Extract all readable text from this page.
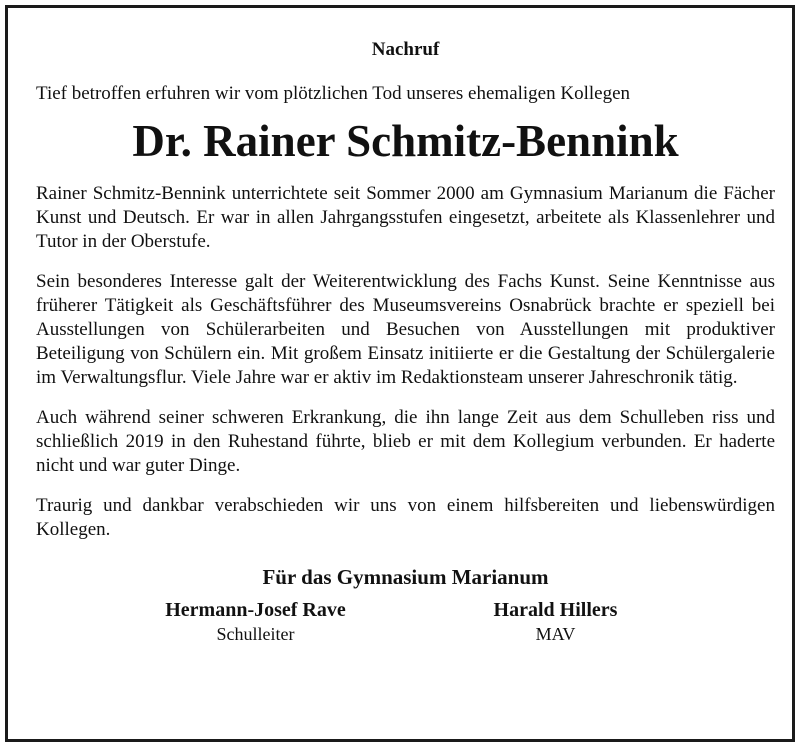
Nachruf

Tief betroffen erfuhren wir vom plötzlichen Tod unseres ehemaligen Kollegen

Dr. Rainer Schmitz-Bennink

Rainer Schmitz-Bennink unterrichtete seit Sommer 2000 am Gymnasium Marianum die Fächer Kunst und Deutsch. Er war in allen Jahrgangsstufen eingesetzt, arbeitete als Klassenlehrer und Tutor in der Oberstufe.

Sein besonderes Interesse galt der Weiterentwicklung des Fachs Kunst. Seine Kenntnisse aus früherer Tätigkeit als Geschäftsführer des Museumsvereins Osnabrück brachte er speziell bei Ausstellungen von Schülerarbeiten und Besuchen von Ausstellungen mit produktiver Beteiligung von Schülern ein. Mit großem Einsatz initiierte er die Gestaltung der Schülergalerie im Verwaltungsflur. Viele Jahre war er aktiv im Redaktionsteam unserer Jahreschronik tätig.

Auch während seiner schweren Erkrankung, die ihn lange Zeit aus dem Schulleben riss und schließlich 2019 in den Ruhestand führte, blieb er mit dem Kollegium verbunden. Er haderte nicht und war guter Dinge.

Traurig und dankbar verabschieden wir uns von einem hilfsbereiten und liebenswürdigen Kollegen.

Für das Gymnasium Marianum
Hermann-Josef Rave
Schulleiter
Harald Hillers
MAV
